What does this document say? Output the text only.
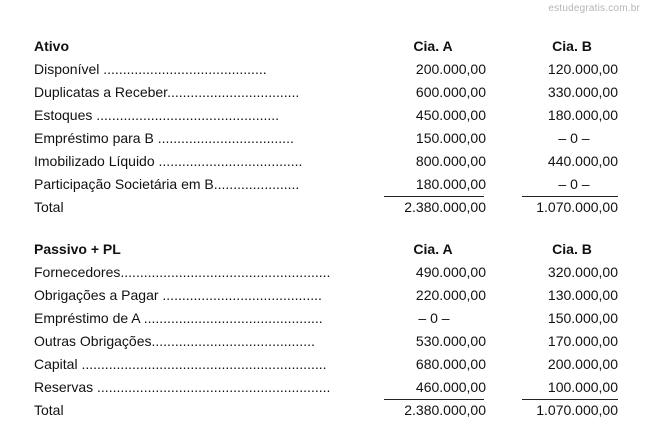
estudegratis.com.br
Ativo	Cia. A	Cia. B
Disponível ..........................................	200.000,00	120.000,00
Duplicatas a Receber..................................	600.000,00	330.000,00
Estoques ...............................................	450.000,00	180.000,00
Empréstimo para B ...................................	150.000,00	– 0 –
Imobilizado Líquido .....................................	800.000,00	440.000,00
Participação Societária em B......................	180.000,00	– 0 –
Total	2.380.000,00	1.070.000,00
Passivo + PL	Cia. A	Cia. B
Fornecedores......................................................	490.000,00	320.000,00
Obrigações a Pagar .........................................	220.000,00	130.000,00
Empréstimo de A ..............................................	– 0 –	150.000,00
Outras Obrigações..........................................	530.000,00	170.000,00
Capital ...............................................................	680.000,00	200.000,00
Reservas ............................................................	460.000,00	100.000,00
Total	2.380.000,00	1.070.000,00
